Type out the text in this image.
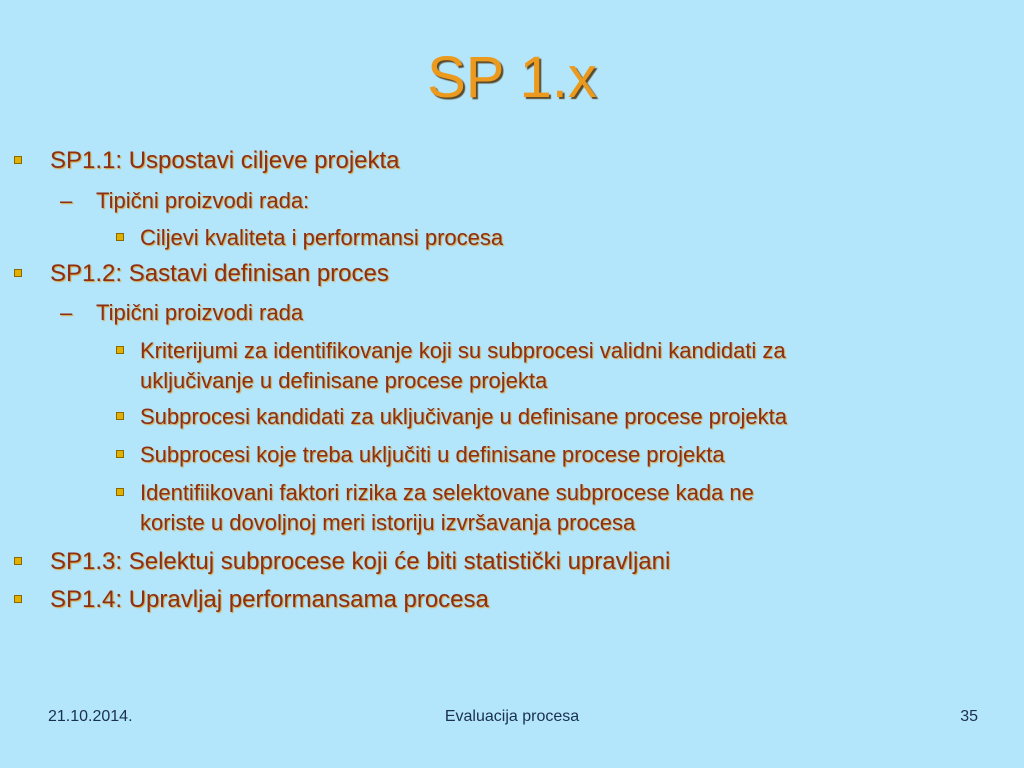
SP 1.x
SP1.1: Uspostavi ciljeve projekta
– Tipični proizvodi rada:
Ciljevi kvaliteta i performansi procesa
SP1.2: Sastavi definisan proces
– Tipični proizvodi rada
Kriterijumi za identifikovanje koji su subprocesi validni kandidati za
uključivanje u definisane procese projekta
Subprocesi kandidati za uključivanje u definisane procese projekta
Subprocesi koje treba uključiti u definisane procese projekta
Identifiikovani faktori rizika za selektovane subprocese kada ne
koriste u dovoljnoj meri istoriju izvršavanja procesa
SP1.3: Selektuj subprocese koji će biti statistički upravljani
SP1.4: Upravljaj performansama procesa
21.10.2014.	Evaluacija procesa	35
